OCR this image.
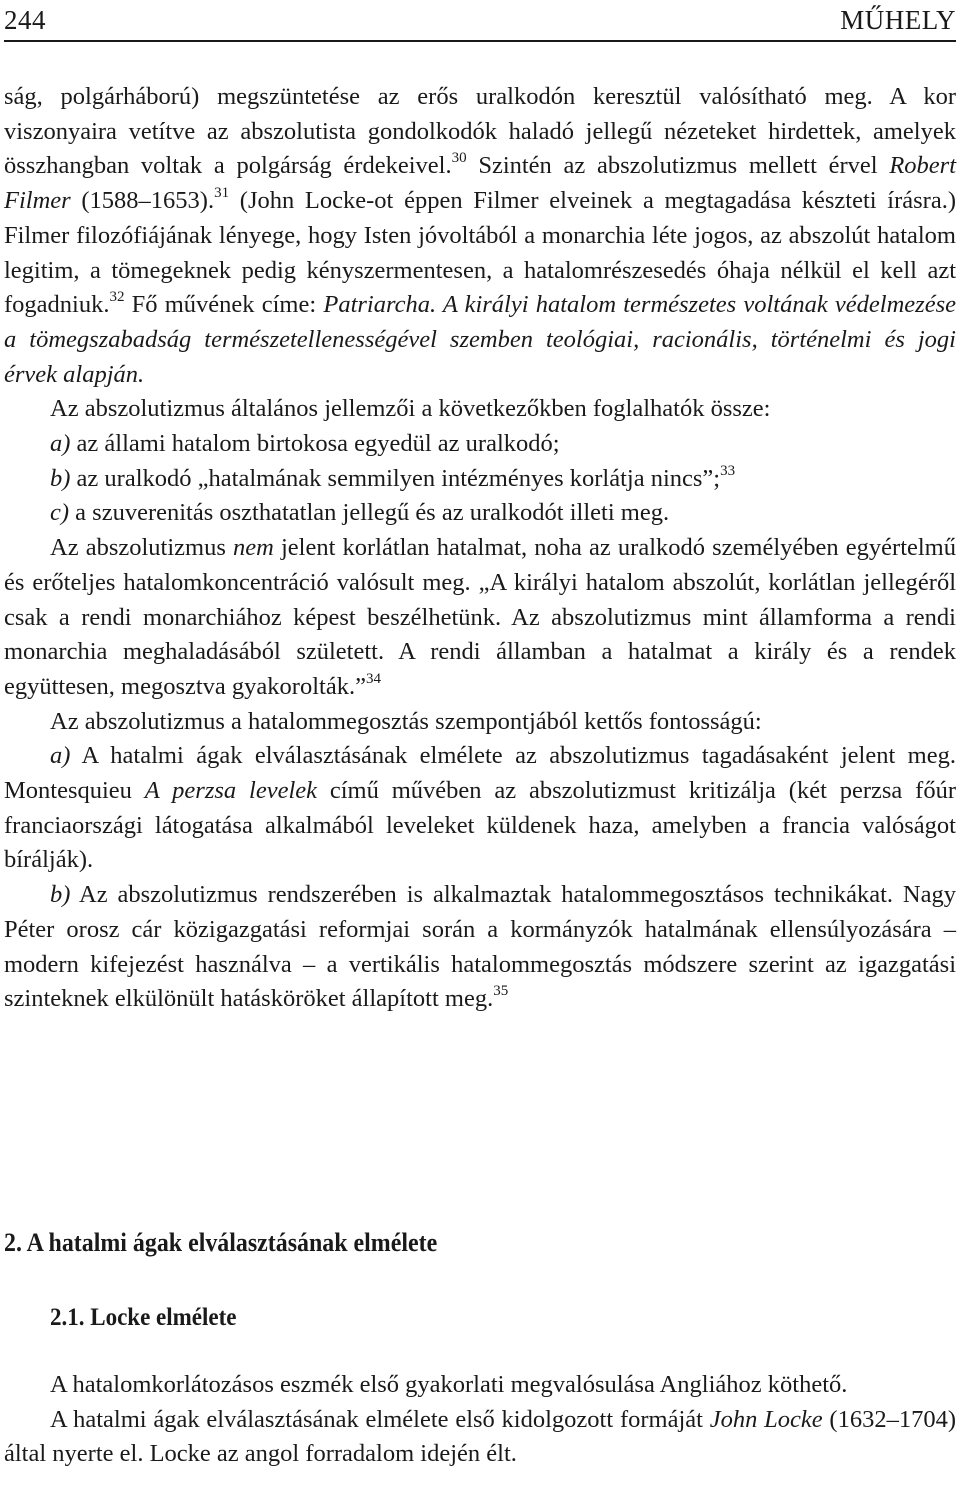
244	MŰHELY

ság, polgárháború) megszüntetése az erős uralkodón keresztül valósítható meg. A kor viszonyaira vetítve az abszolutista gondolkodók haladó jellegű nézeteket hirdettek, amelyek összhangban voltak a polgárság érdekeivel.$^{30}$ Szintén az abszolutizmus mellett érvel Robert Filmer (1588–1653).$^{31}$ (John Locke-ot éppen Filmer elveinek a megtagadása készteti írásra.) Filmer filozófiájának lényege, hogy Isten jóvoltából a monarchia léte jogos, az abszolút hatalom legitim, a tömegeknek pedig kényszermentesen, a hatalomrészesedés óhaja nélkül el kell azt fogadniuk.$^{32}$ Fő művének címe: Patriarcha. A királyi hatalom természetes voltának védelmezése a tömegszabadság természetellenességével szemben teológiai, racionális, történelmi és jogi érvek alapján.

Az abszolutizmus általános jellemzői a következőkben foglalhatók össze:

a) az állami hatalom birtokosa egyedül az uralkodó;

b) az uralkodó „hatalmának semmilyen intézményes korlátja nincs”;$^{33}$

c) a szuverenitás oszthatatlan jellegű és az uralkodót illeti meg.

Az abszolutizmus nem jelent korlátlan hatalmat, noha az uralkodó személyében egyértelmű és erőteljes hatalomkoncentráció valósult meg. „A királyi hatalom abszolút, korlátlan jellegéről csak a rendi monarchiához képest beszélhetünk. Az abszolutizmus mint államforma a rendi monarchia meghaladásából született. A rendi államban a hatalmat a király és a rendek együttesen, megosztva gyakorolták.”$^{34}$

Az abszolutizmus a hatalommegosztás szempontjából kettős fontosságú:

a) A hatalmi ágak elválasztásának elmélete az abszolutizmus tagadásaként jelent meg. Montesquieu A perzsa levelek című művében az abszolutizmust kritizálja (két perzsa főúr franciaországi látogatása alkalmából leveleket küldenek haza, amelyben a francia valóságot bírálják).

b) Az abszolutizmus rendszerében is alkalmaztak hatalommegosztásos technikákat. Nagy Péter orosz cár közigazgatási reformjai során a kormányzók hatalmának ellensúlyozására – modern kifejezést használva – a vertikális hatalommegosztás módszere szerint az igazgatási szinteknek elkülönült hatásköröket állapított meg.$^{35}$

2. A hatalmi ágak elválasztásának elmélete
2.1. Locke elmélete

A hatalomkorlátozásos eszmék első gyakorlati megvalósulása Angliához köthető.

A hatalmi ágak elválasztásának elmélete első kidolgozott formáját John Locke (1632–1704) által nyerte el. Locke az angol forradalom idején élt.
